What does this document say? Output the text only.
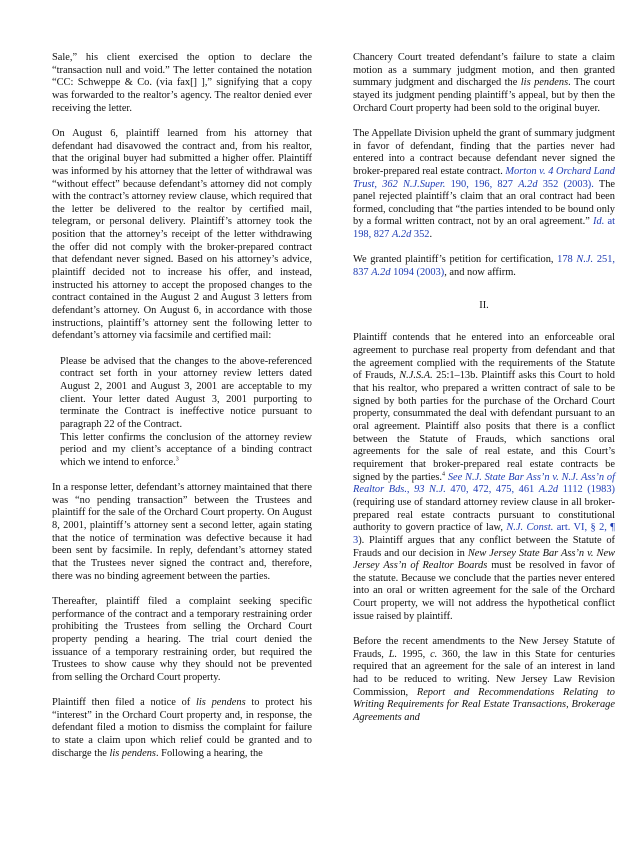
Sale,” his client exercised the option to declare the “transaction null and void.” The letter contained the notation “CC: Schweppe & Co. (via fax[] ],” signifying that a copy was forwarded to the realtor’s agency. The realtor denied ever receiving the letter.

On August 6, plaintiff learned from his attorney that defendant had disavowed the contract and, from his realtor, that the original buyer had submitted a higher offer. Plaintiff was informed by his attorney that the letter of withdrawal was “without effect” because defendant’s attorney did not comply with the contract’s attorney review clause, which required that the letter be delivered to the realtor by certified mail, telegram, or personal delivery. Plaintiff’s attorney took the position that the attorney’s receipt of the letter withdrawing the offer did not comply with the broker-prepared contract that defendant never signed. Based on his attorney’s advice, plaintiff decided not to increase his offer, and instead, instructed his attorney to accept the proposed changes to the contract contained in the August 2 and August 3 letters from defendant’s attorney. On August 6, in accordance with those instructions, plaintiff’s attorney sent the following letter to defendant’s attorney via facsimile and certified mail:

Please be advised that the changes to the above-referenced contract set forth in your attorney review letters dated August 2, 2001 and August 3, 2001 are acceptable to my client. Your letter dated August 3, 2001 purporting to terminate the Contract is ineffective notice pursuant to paragraph 22 of the Contract.

This letter confirms the conclusion of the attorney review period and my client’s acceptance of a binding contract which we intend to enforce.$^3$

In a response letter, defendant’s attorney maintained that there was “no pending transaction” between the Trustees and plaintiff for the sale of the Orchard Court property. On August 8, 2001, plaintiff’s attorney sent a second letter, again stating that the notice of termination was defective because it had been sent by facsimile. In reply, defendant’s attorney stated that the Trustees never signed the contract and, therefore, there was no binding agreement between the parties.

Thereafter, plaintiff filed a complaint seeking specific performance of the contract and a temporary restraining order prohibiting the Trustees from selling the Orchard Court property pending a hearing. The trial court denied the issuance of a temporary restraining order, but required the Trustees to show cause why they should not be prevented from selling the Orchard Court property.

Plaintiff then filed a notice of lis pendens to protect his “interest” in the Orchard Court property and, in response, the defendant filed a motion to dismiss the complaint for failure to state a claim upon which relief could be granted and to discharge the lis pendens. Following a hearing, the

Chancery Court treated defendant’s failure to state a claim motion as a summary judgment motion, and then granted summary judgment and discharged the lis pendens. The court stayed its judgment pending plaintiff’s appeal, but by then the Orchard Court property had been sold to the original buyer.

The Appellate Division upheld the grant of summary judgment in favor of defendant, finding that the parties never had entered into a contract because defendant never signed the broker-prepared real estate contract. Morton v. 4 Orchard Land Trust, 362 N.J.Super. 190, 196, 827 A.2d 352 (2003). The panel rejected plaintiff’s claim that an oral contract had been formed, concluding that “the parties intended to be bound only by a formal written contract, not by an oral agreement.” Id. at 198, 827 A.2d 352.

We granted plaintiff’s petition for certification, 178 N.J. 251, 837 A.2d 1094 (2003), and now affirm.

II.

Plaintiff contends that he entered into an enforceable oral agreement to purchase real property from defendant and that the agreement complied with the requirements of the Statute of Frauds, N.J.S.A. 25:1–13b. Plaintiff asks this Court to hold that his realtor, who prepared a written contract of sale to be signed by both parties for the purchase of the Orchard Court property, consummated the deal with defendant pursuant to an oral agreement. Plaintiff also posits that there is a conflict between the Statute of Frauds, which sanctions oral agreements for the sale of real estate, and this Court’s requirement that broker-prepared real estate contracts be signed by the parties.$^4$ See N.J. State Bar Ass’n v. N.J. Ass’n of Realtor Bds., 93 N.J. 470, 472, 475, 461 A.2d 1112 (1983) (requiring use of standard attorney review clause in all broker-prepared real estate contracts pursuant to constitutional authority to govern practice of law, N.J. Const. art. VI, § 2, ¶ 3). Plaintiff argues that any conflict between the Statute of Frauds and our decision in New Jersey State Bar Ass’n v. New Jersey Ass’n of Realtor Boards must be resolved in favor of the statute. Because we conclude that the parties never entered into an oral or written agreement for the sale of the Orchard Court property, we will not address the hypothetical conflict issue raised by plaintiff.

Before the recent amendments to the New Jersey Statute of Frauds, L. 1995, c. 360, the law in this State for centuries required that an agreement for the sale of an interest in land had to be reduced to writing. New Jersey Law Revision Commission, Report and Recommendations Relating to Writing Requirements for Real Estate Transactions, Brokerage Agreements and
